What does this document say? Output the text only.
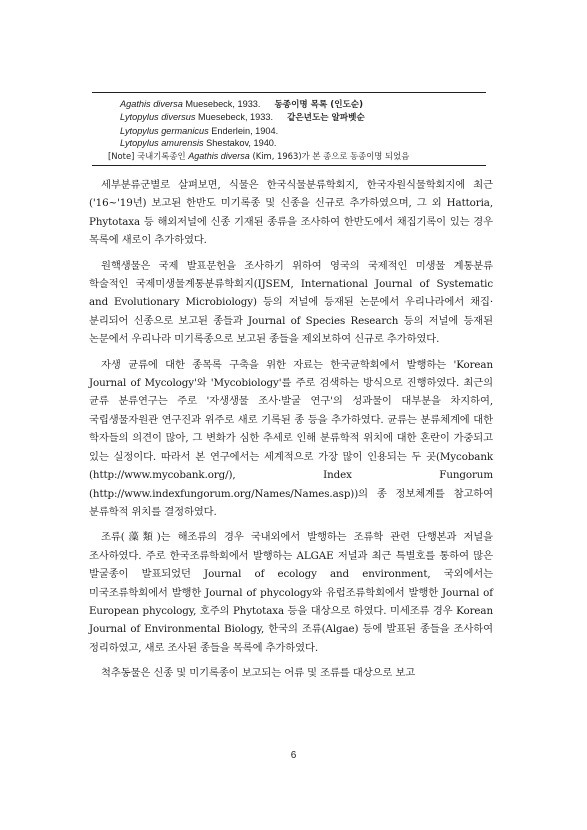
Agathis diversa Muesebeck, 1933. 동종이명 목록 (인도순)
Lytopylus diversus Muesebeck, 1933. 같은년도는 알파벳순
Lytopylus germanicus Enderlein, 1904.
Lytopylus amurensis Shestakov, 1940.
[Note] 국내기록종인 Agathis diversa (Kim, 1963)가 본 종으로 동종이명 되었음

세부분류군별로 살펴보면, 식물은 한국식물분류학회지, 한국자원식물학회지에 최근('16~'19년) 보고된 한반도 미기록종 및 신종을 신규로 추가하였으며, 그 외 Hattoria, Phytotaxa 등 해외저널에 신종 기재된 종류을 조사하여 한반도에서 채집기록이 있는 경우 목록에 새로이 추가하였다.

원핵생물은 국제 발표문헌을 조사하기 위하여 영국의 국제적인 미생물 계통분류 학술적인 국제미생물계통분류학회지(IJSEM, International Journal of Systematic and Evolutionary Microbiology) 등의 저널에 등재된 논문에서 우리나라에서 채집·분리되어 신종으로 보고된 종들과 Journal of Species Research 등의 저널에 등재된 논문에서 우리나라 미기록종으로 보고된 종들을 제외보하여 신규로 추가하였다.

자생 균류에 대한 종목록 구축을 위한 자료는 한국균학회에서 발행하는 'Korean Journal of Mycology'와 'Mycobiology'를 주로 검색하는 방식으로 진행하였다. 최근의 균류 분류연구는 주로 '자생생물 조사·발굴 연구'의 성과물이 대부분을 차지하여, 국립생물자원관 연구진과 위주로 새로 기록된 종 등을 추가하였다. 균류는 분류체계에 대한 학자들의 의견이 많아, 그 변화가 심한 추세로 인해 분류학적 위치에 대한 혼란이 가중되고 있는 실정이다. 따라서 본 연구에서는 세계적으로 가장 많이 인용되는 두 곳(Mycobank (http://www.mycobank.org/), Index Fungorum (http://www.indexfungorum.org/Names/Names.asp))의 종 정보체계를 참고하여 분류학적 위치를 결정하였다.

조류(藻類)는 해조류의 경우 국내외에서 발행하는 조류학 관련 단행본과 저널을 조사하였다. 주로 한국조류학회에서 발행하는 ALGAE 저널과 최근 특별호를 통하여 많은 발굴종이 발표되었던 Journal of ecology and environment, 국외에서는 미국조류학회에서 발행한 Journal of phycology와 유럽조류학회에서 발행한 Journal of European phycology, 호주의 Phytotaxa 등을 대상으로 하였다. 미세조류 경우 Korean Journal of Environmental Biology, 한국의 조류(Algae) 등에 발표된 종들을 조사하여 정리하였고, 새로 조사된 종들을 목록에 추가하였다.

척추동물은 신종 및 미기록종이 보고되는 어류 및 조류를 대상으로 보고

6
